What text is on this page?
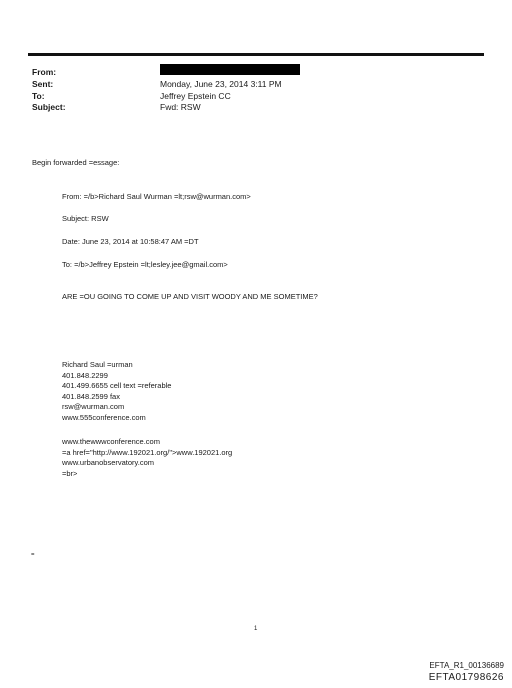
From:
Sent:	Monday, June 23, 2014 3:11 PM
To:	Jeffrey Epstein CC
Subject:	Fwd: RSW
Begin forwarded =essage:
From: =/b>Richard Saul Wurman =lt;rsw@wurman.com>
Subject: RSW
Date: June 23, 2014 at 10:58:47 AM =DT
To: =/b>Jeffrey Epstein =lt;lesley.jee@gmail.com>
ARE =OU GOING TO COME UP AND VISIT WOODY AND ME SOMETIME?
Richard Saul =urman
401.848.2299
401.499.6655 cell text =referable
401.848.2599 fax
rsw@wurman.com
www.555conference.com
www.thewwwconference.com
=a href="http://www.192021.org/">www.192021.org
www.urbanobservatory.com
=br>
=
1
EFTA_R1_00136689
EFTA01798626
